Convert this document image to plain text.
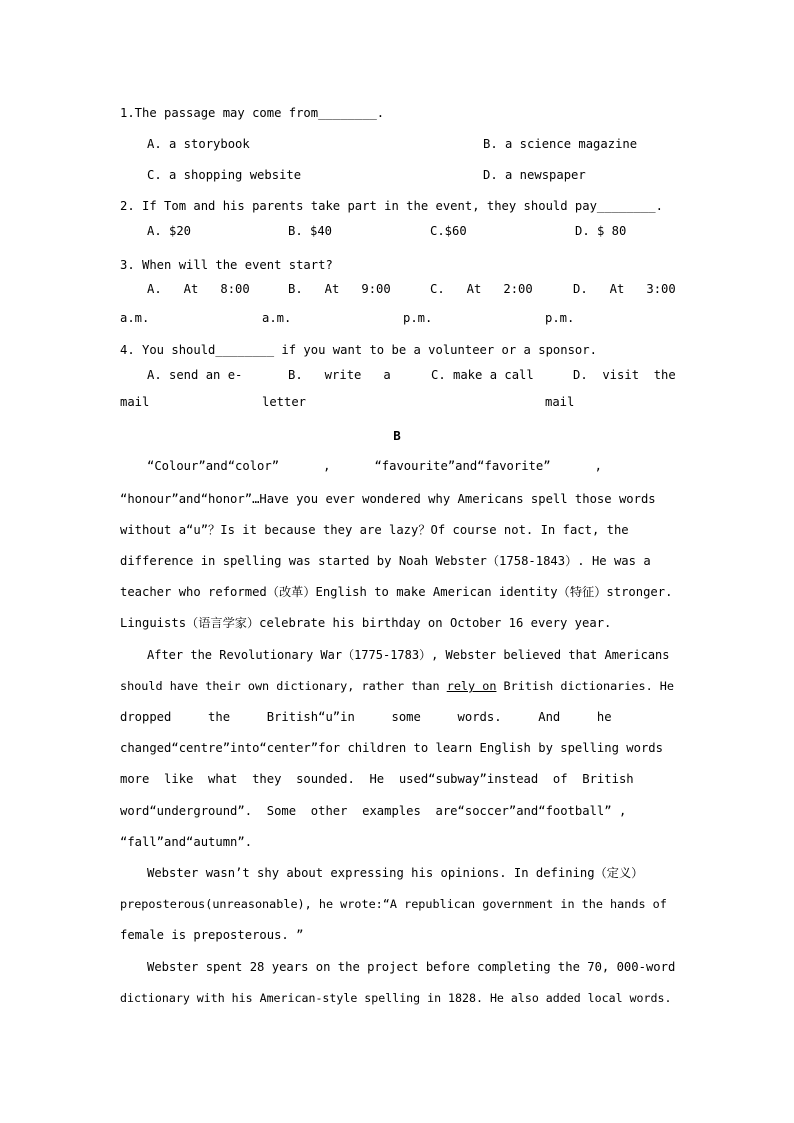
1.The passage may come from________.
A. a storybook	B. a science magazine
C. a shopping website	D. a newspaper
2. If Tom and his parents take part in the event, they should pay________.
A. $20	B. $40	C.$60	D. $ 80
3. When will the event start?
A.   At   8:00	B.   At   9:00	C.   At   2:00	D.   At   3:00
a.m.	a.m.	p.m.	p.m.
4. You should________ if you want to be a volunteer or a sponsor.
A. send an e-	B.   write   a	C. make a call	D.  visit  the
mail	letter	mail
B
“Colour”and“color”      ,      “favourite”and“favorite”      ,
“honour”and“honor”…Have you ever wondered why Americans spell those words
without a“u”？Is it because they are lazy？Of course not. In fact, the
difference in spelling was started by Noah Webster（1758-1843）. He was a
teacher who reformed（改革）English to make American identity（特征）stronger.
Linguists（语言学家）celebrate his birthday on October 16 every year.
After the Revolutionary War（1775-1783）, Webster believed that Americans
should have their own dictionary, rather than rely on British dictionaries. He
dropped     the     British“u”in     some     words.     And     he
changed“centre”into“center”for children to learn English by spelling words
more  like  what  they  sounded.  He  used“subway”instead  of  British
word“underground”.  Some  other  examples  are“soccer”and“football” ,
“fall”and“autumn”.
Webster wasn’t shy about expressing his opinions. In defining（定义）
preposterous(unreasonable), he wrote:“A republican government in the hands of
female is preposterous. ”
Webster spent 28 years on the project before completing the 70, 000-word
dictionary with his American-style spelling in 1828. He also added local words.
